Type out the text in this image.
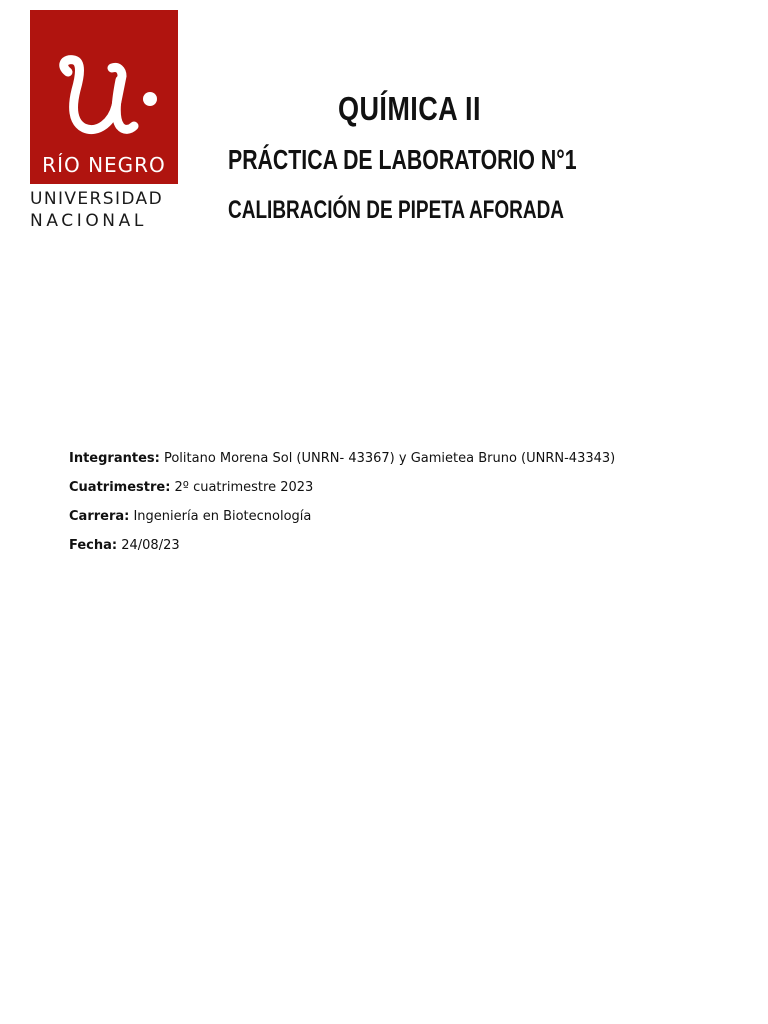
RÍO NEGRO
UNIVERSIDAD
NACIONAL
QUÍMICA II
PRÁCTICA DE LABORATORIO N°1
CALIBRACIÓN DE PIPETA AFORADA
Integrantes: Politano Morena Sol (UNRN- 43367) y Gamietea Bruno (UNRN-43343)
Cuatrimestre: 2º cuatrimestre 2023
Carrera: Ingeniería en Biotecnología
Fecha: 24/08/23
